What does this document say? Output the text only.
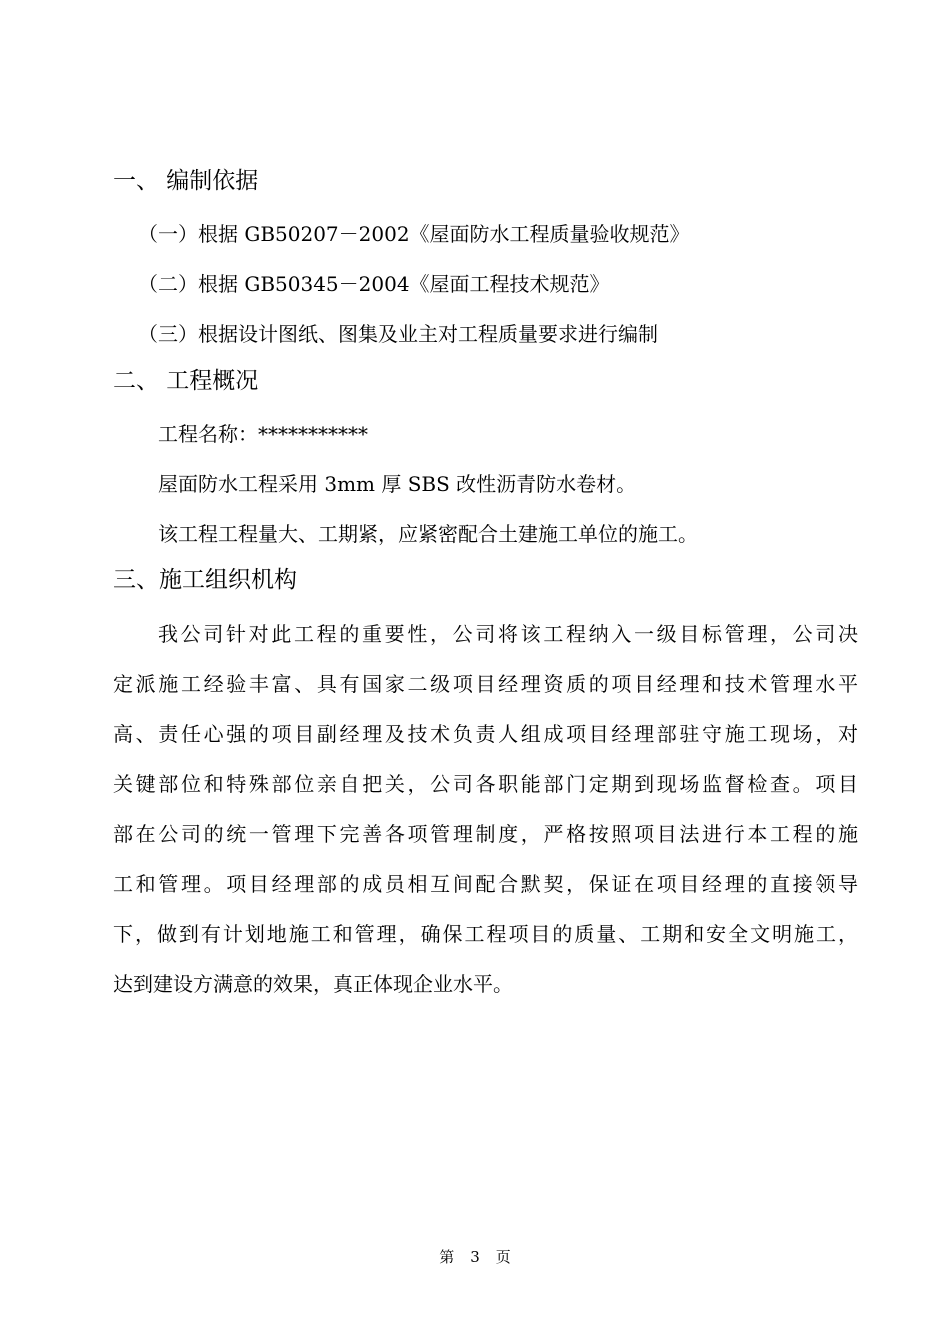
一、 编制依据
（一）根据 GB50207－2002《屋面防水工程质量验收规范》
（二）根据 GB50345－2004《屋面工程技术规范》
（三）根据设计图纸、图集及业主对工程质量要求进行编制
二、 工程概况
工程名称：***********
屋面防水工程采用 3mm 厚 SBS 改性沥青防水卷材。
该工程工程量大、工期紧，应紧密配合土建施工单位的施工。
三、施工组织机构
我公司针对此工程的重要性，公司将该工程纳入一级目标管理，公司决
定派施工经验丰富、具有国家二级项目经理资质的项目经理和技术管理水平
高、责任心强的项目副经理及技术负责人组成项目经理部驻守施工现场，对
关键部位和特殊部位亲自把关，公司各职能部门定期到现场监督检查。项目
部在公司的统一管理下完善各项管理制度，严格按照项目法进行本工程的施
工和管理。项目经理部的成员相互间配合默契，保证在项目经理的直接领导
下，做到有计划地施工和管理，确保工程项目的质量、工期和安全文明施工，
达到建设方满意的效果，真正体现企业水平。
第 3 页
